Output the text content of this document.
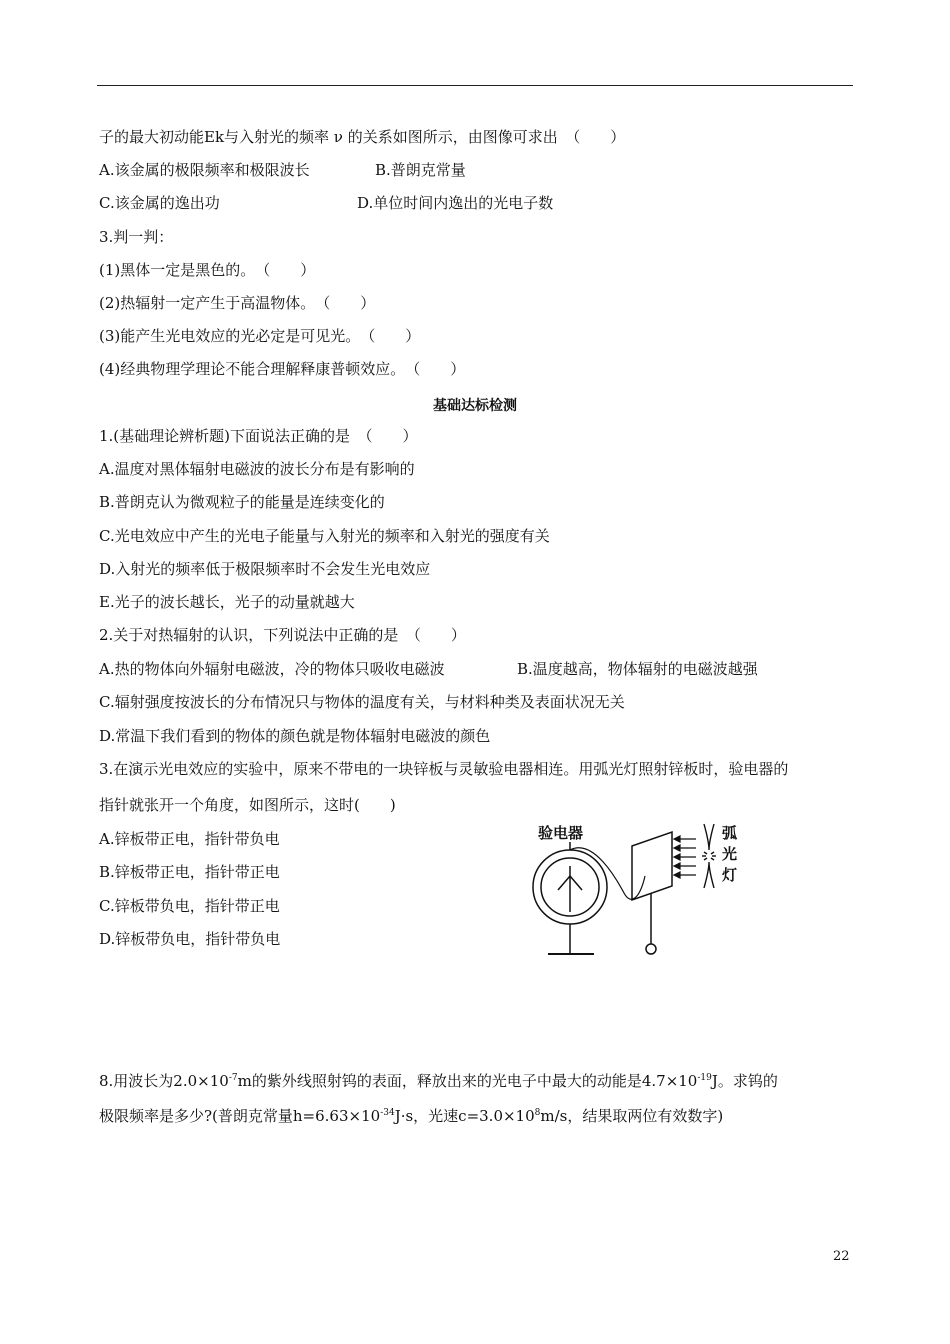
子的最大初动能Ek与入射光的频率 ν 的关系如图所示，由图像可求出　（　　）
A.该金属的极限频率和极限波长	B.普朗克常量
C.该金属的逸出功	D.单位时间内逸出的光电子数
3.判一判：
(1)黑体一定是黑色的。　（　　）
(2)热辐射一定产生于高温物体。　（　　）
(3)能产生光电效应的光必定是可见光。　（　　）
(4)经典物理学理论不能合理解释康普顿效应。　（　　）
基础达标检测
1.(基础理论辨析题)下面说法正确的是　（　　）
A.温度对黑体辐射电磁波的波长分布是有影响的
B.普朗克认为微观粒子的能量是连续变化的
C.光电效应中产生的光电子能量与入射光的频率和入射光的强度有关
D.入射光的频率低于极限频率时不会发生光电效应
E.光子的波长越长，光子的动量就越大
2.关于对热辐射的认识，下列说法中正确的是　（　　）
A.热的物体向外辐射电磁波，冷的物体只吸收电磁波	B.温度越高，物体辐射的电磁波越强
C.辐射强度按波长的分布情况只与物体的温度有关，与材料种类及表面状况无关
D.常温下我们看到的物体的颜色就是物体辐射电磁波的颜色
3.在演示光电效应的实验中，原来不带电的一块锌板与灵敏验电器相连。用弧光灯照射锌板时，验电器的
指针就张开一个角度，如图所示，这时(　　)
A.锌板带正电，指针带负电
B.锌板带正电，指针带正电
C.锌板带负电，指针带正电
D.锌板带负电，指针带负电
验电器	弧
光
灯
8.用波长为$2.0\times 10^{-7}m$的紫外线照射钨的表面，释放出来的光电子中最大的动能是$4.7\times 10^{-19}J$。求钨的
极限频率是多少?(普朗克常量$h=6.63\times 10^{-34}J\cdot s$，光速$c=3.0\times 10^8m/s$，结果取两位有效数字)
22
